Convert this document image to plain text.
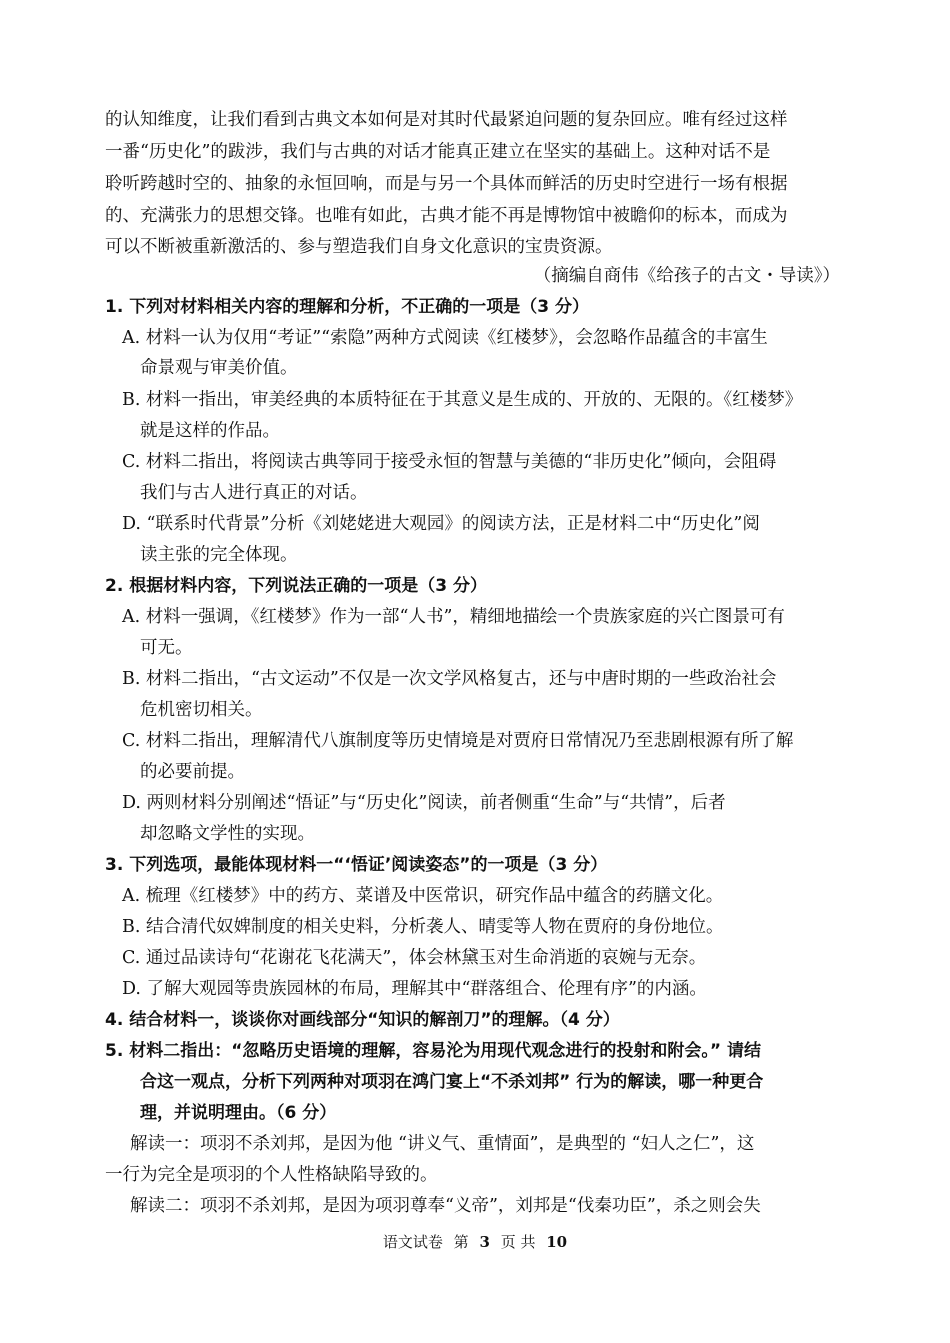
的认知维度，让我们看到古典文本如何是对其时代最紧迫问题的复杂回应。唯有经过这样
一番“历史化”的跋涉，我们与古典的对话才能真正建立在坚实的基础上。这种对话不是
聆听跨越时空的、抽象的永恒回响，而是与另一个具体而鲜活的历史时空进行一场有根据
的、充满张力的思想交锋。也唯有如此，古典才能不再是博物馆中被瞻仰的标本，而成为
可以不断被重新激活的、参与塑造我们自身文化意识的宝贵资源。
（摘编自商伟《给孩子的古文・导读》）
1. 下列对材料相关内容的理解和分析，不正确的一项是（3 分）
A. 材料一认为仅用“考证”“索隐”两种方式阅读《红楼梦》，会忽略作品蕴含的丰富生
命景观与审美价值。
B. 材料一指出，审美经典的本质特征在于其意义是生成的、开放的、无限的。《红楼梦》
就是这样的作品。
C. 材料二指出，将阅读古典等同于接受永恒的智慧与美德的“非历史化”倾向，会阻碍
我们与古人进行真正的对话。
D. “联系时代背景”分析《刘姥姥进大观园》的阅读方法，正是材料二中“历史化”阅
读主张的完全体现。
2. 根据材料内容，下列说法正确的一项是（3 分）
A. 材料一强调，《红楼梦》作为一部“人书”，精细地描绘一个贵族家庭的兴亡图景可有
可无。
B. 材料二指出，“古文运动”不仅是一次文学风格复古，还与中唐时期的一些政治社会
危机密切相关。
C. 材料二指出，理解清代八旗制度等历史情境是对贾府日常情况乃至悲剧根源有所了解
的必要前提。
D. 两则材料分别阐述“悟证”与“历史化”阅读，前者侧重“生命”与“共情”，后者
却忽略文学性的实现。
3. 下列选项，最能体现材料一“‘悟证’阅读姿态”的一项是（3 分）
A. 梳理《红楼梦》中的药方、菜谱及中医常识，研究作品中蕴含的药膳文化。
B. 结合清代奴婢制度的相关史料，分析袭人、晴雯等人物在贾府的身份地位。
C. 通过品读诗句“花谢花飞花满天”，体会林黛玉对生命消逝的哀婉与无奈。
D. 了解大观园等贵族园林的布局，理解其中“群落组合、伦理有序”的内涵。
4. 结合材料一，谈谈你对画线部分“知识的解剖刀”的理解。（4 分）
5. 材料二指出：“忽略历史语境的理解，容易沦为用现代观念进行的投射和附会。” 请结
合这一观点，分析下列两种对项羽在鸿门宴上“不杀刘邦” 行为的解读，哪一种更合
理，并说明理由。（6 分）
解读一：项羽不杀刘邦，是因为他 “讲义气、重情面”，是典型的 “妇人之仁”，这
一行为完全是项羽的个人性格缺陷导致的。
解读二：项羽不杀刘邦，是因为项羽尊奉“义帝”，刘邦是“伐秦功臣”，杀之则会失
语文试卷 第 3 页 共 10
